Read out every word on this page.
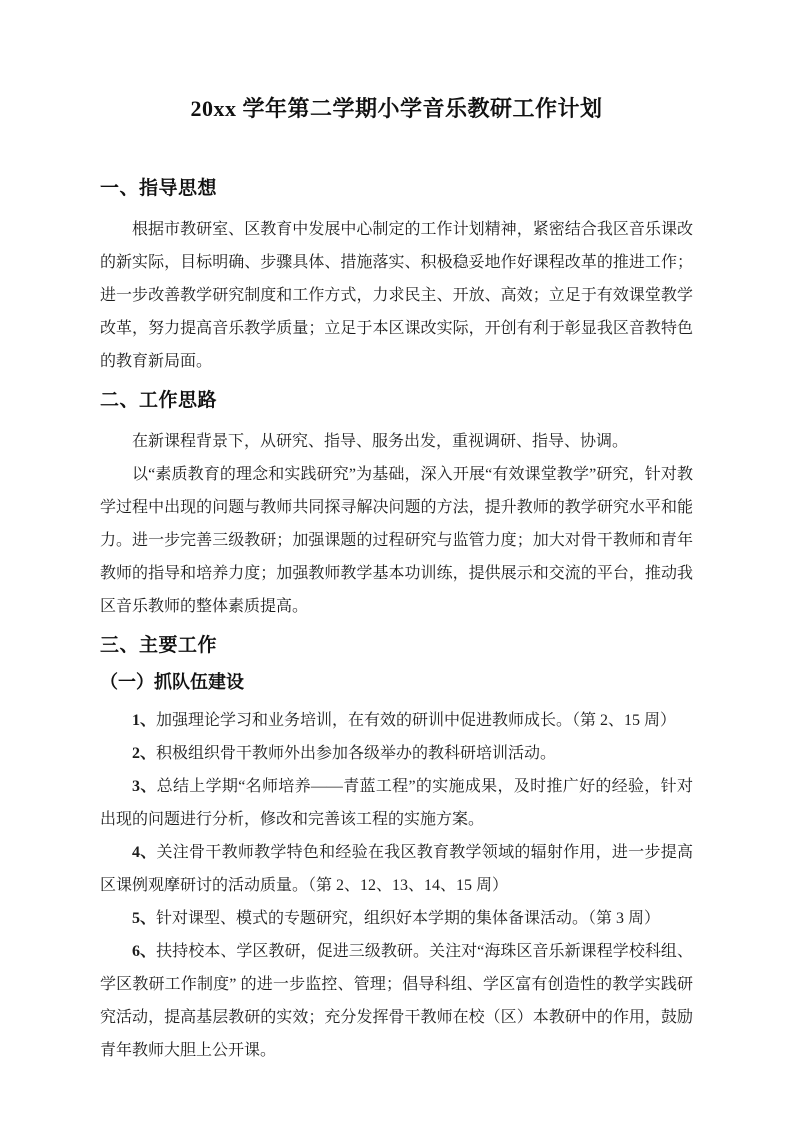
20xx 学年第二学期小学音乐教研工作计划
一、指导思想

根据市教研室、区教育中发展中心制定的工作计划精神，紧密结合我区音乐课改的新实际，目标明确、步骤具体、措施落实、积极稳妥地作好课程改革的推进工作；进一步改善教学研究制度和工作方式，力求民主、开放、高效；立足于有效课堂教学改革，努力提高音乐教学质量；立足于本区课改实际，开创有利于彰显我区音教特色的教育新局面。

二、工作思路

在新课程背景下，从研究、指导、服务出发，重视调研、指导、协调。

以“素质教育的理念和实践研究”为基础，深入开展“有效课堂教学”研究，针对教学过程中出现的问题与教师共同探寻解决问题的方法，提升教师的教学研究水平和能力。进一步完善三级教研；加强课题的过程研究与监管力度；加大对骨干教师和青年教师的指导和培养力度；加强教师教学基本功训练，提供展示和交流的平台，推动我区音乐教师的整体素质提高。

三、主要工作
（一）抓队伍建设

1、加强理论学习和业务培训，在有效的研训中促进教师成长。（第 2、15 周）

2、积极组织骨干教师外出参加各级举办的教科研培训活动。

3、总结上学期“名师培养——青蓝工程”的实施成果，及时推广好的经验，针对出现的问题进行分析，修改和完善该工程的实施方案。

4、关注骨干教师教学特色和经验在我区教育教学领域的辐射作用，进一步提高区课例观摩研讨的活动质量。（第 2、12、13、14、15 周）

5、针对课型、模式的专题研究，组织好本学期的集体备课活动。（第 3 周）

6、扶持校本、学区教研，促进三级教研。关注对“海珠区音乐新课程学校科组、学区教研工作制度” 的进一步监控、管理；倡导科组、学区富有创造性的教学实践研究活动，提高基层教研的实效；充分发挥骨干教师在校（区）本教研中的作用，鼓励青年教师大胆上公开课。
